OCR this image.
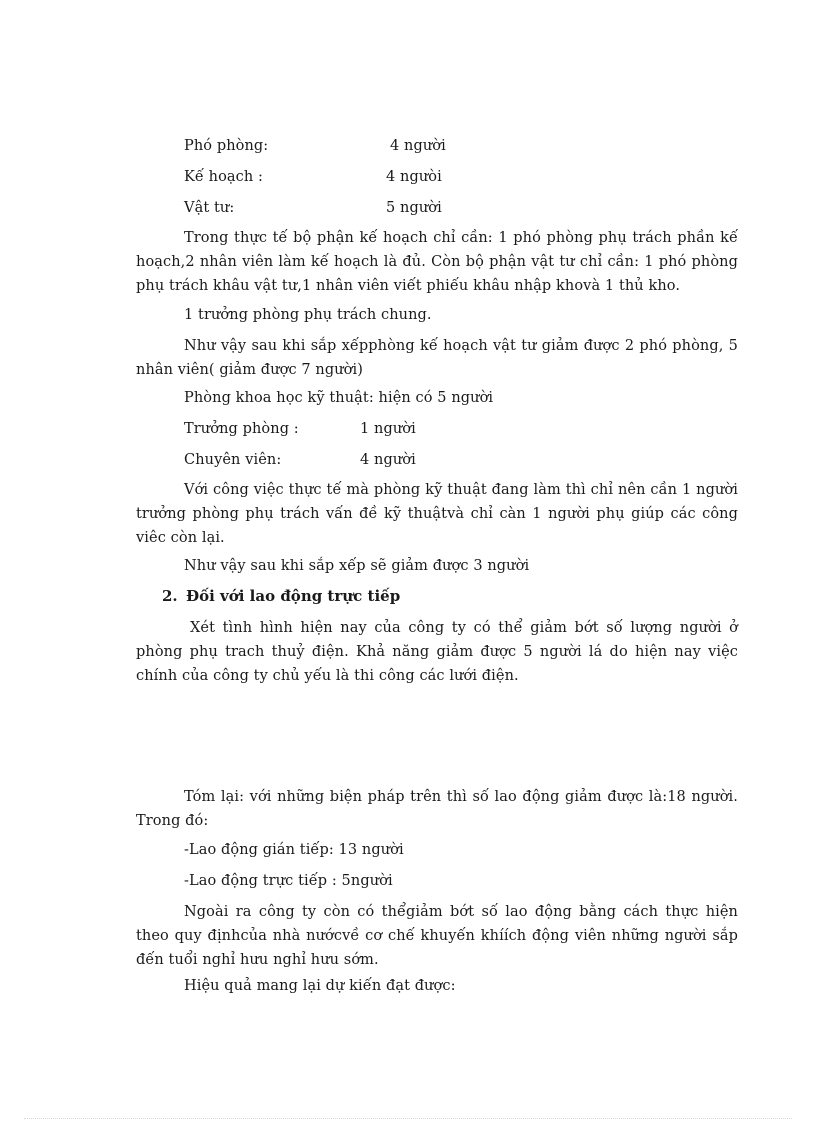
Phó phòng:	4 người
Kế hoạch :	4 ngưòi
Vật tư:	5 người
Trong thực tế bộ phận kế hoạch chỉ cần: 1 phó phòng phụ trách phần kế hoạch,2 nhân viên làm kế hoạch là đủ. Còn bộ phận vật tư chỉ cần: 1 phó phòng phụ trách khâu vật tư,1 nhân viên viết phiếu khâu nhập khovà 1 thủ kho.
1 trưởng phòng phụ trách chung.
Như vậy sau khi sắp xếpphòng kế hoạch vật tư giảm được 2 phó phòng, 5 nhân viên( giảm được 7 người)
Phòng khoa học kỹ thuật: hiện có 5 người
Trưởng phòng :	1 người
Chuyên viên:	4 người
Với công việc thực tế mà phòng kỹ thuật đang làm thì chỉ nên cần 1 người trưởng phòng phụ trách vấn đề kỹ thuậtvà chỉ càn 1 người phụ giúp các công viêc còn lại.
Như vậy sau khi sắp xếp sẽ giảm được 3 người
2. Đối với lao động trực tiếp
Xét tình hình hiện nay của công ty có thể giảm bớt số lượng người ở phòng phụ trach thuỷ điện. Khả năng giảm được 5 người lá do hiện nay việc chính của công ty chủ yếu là thi công các lưới điện.
Tóm lại: với những biện pháp trên thì số lao động giảm được là:18 người. Trong đó:
-Lao động gián tiếp: 13 người
-Lao động trực tiếp : 5người
Ngoài ra công ty còn có thểgiảm bớt số lao động bằng cách thực hiện theo quy địnhcủa nhà nướcvề cơ chế khuyến khíích động viên những người sắp đến tuổi nghỉ hưu nghỉ hưu sớm.
Hiệu quả mang lại dự kiến đạt được:
